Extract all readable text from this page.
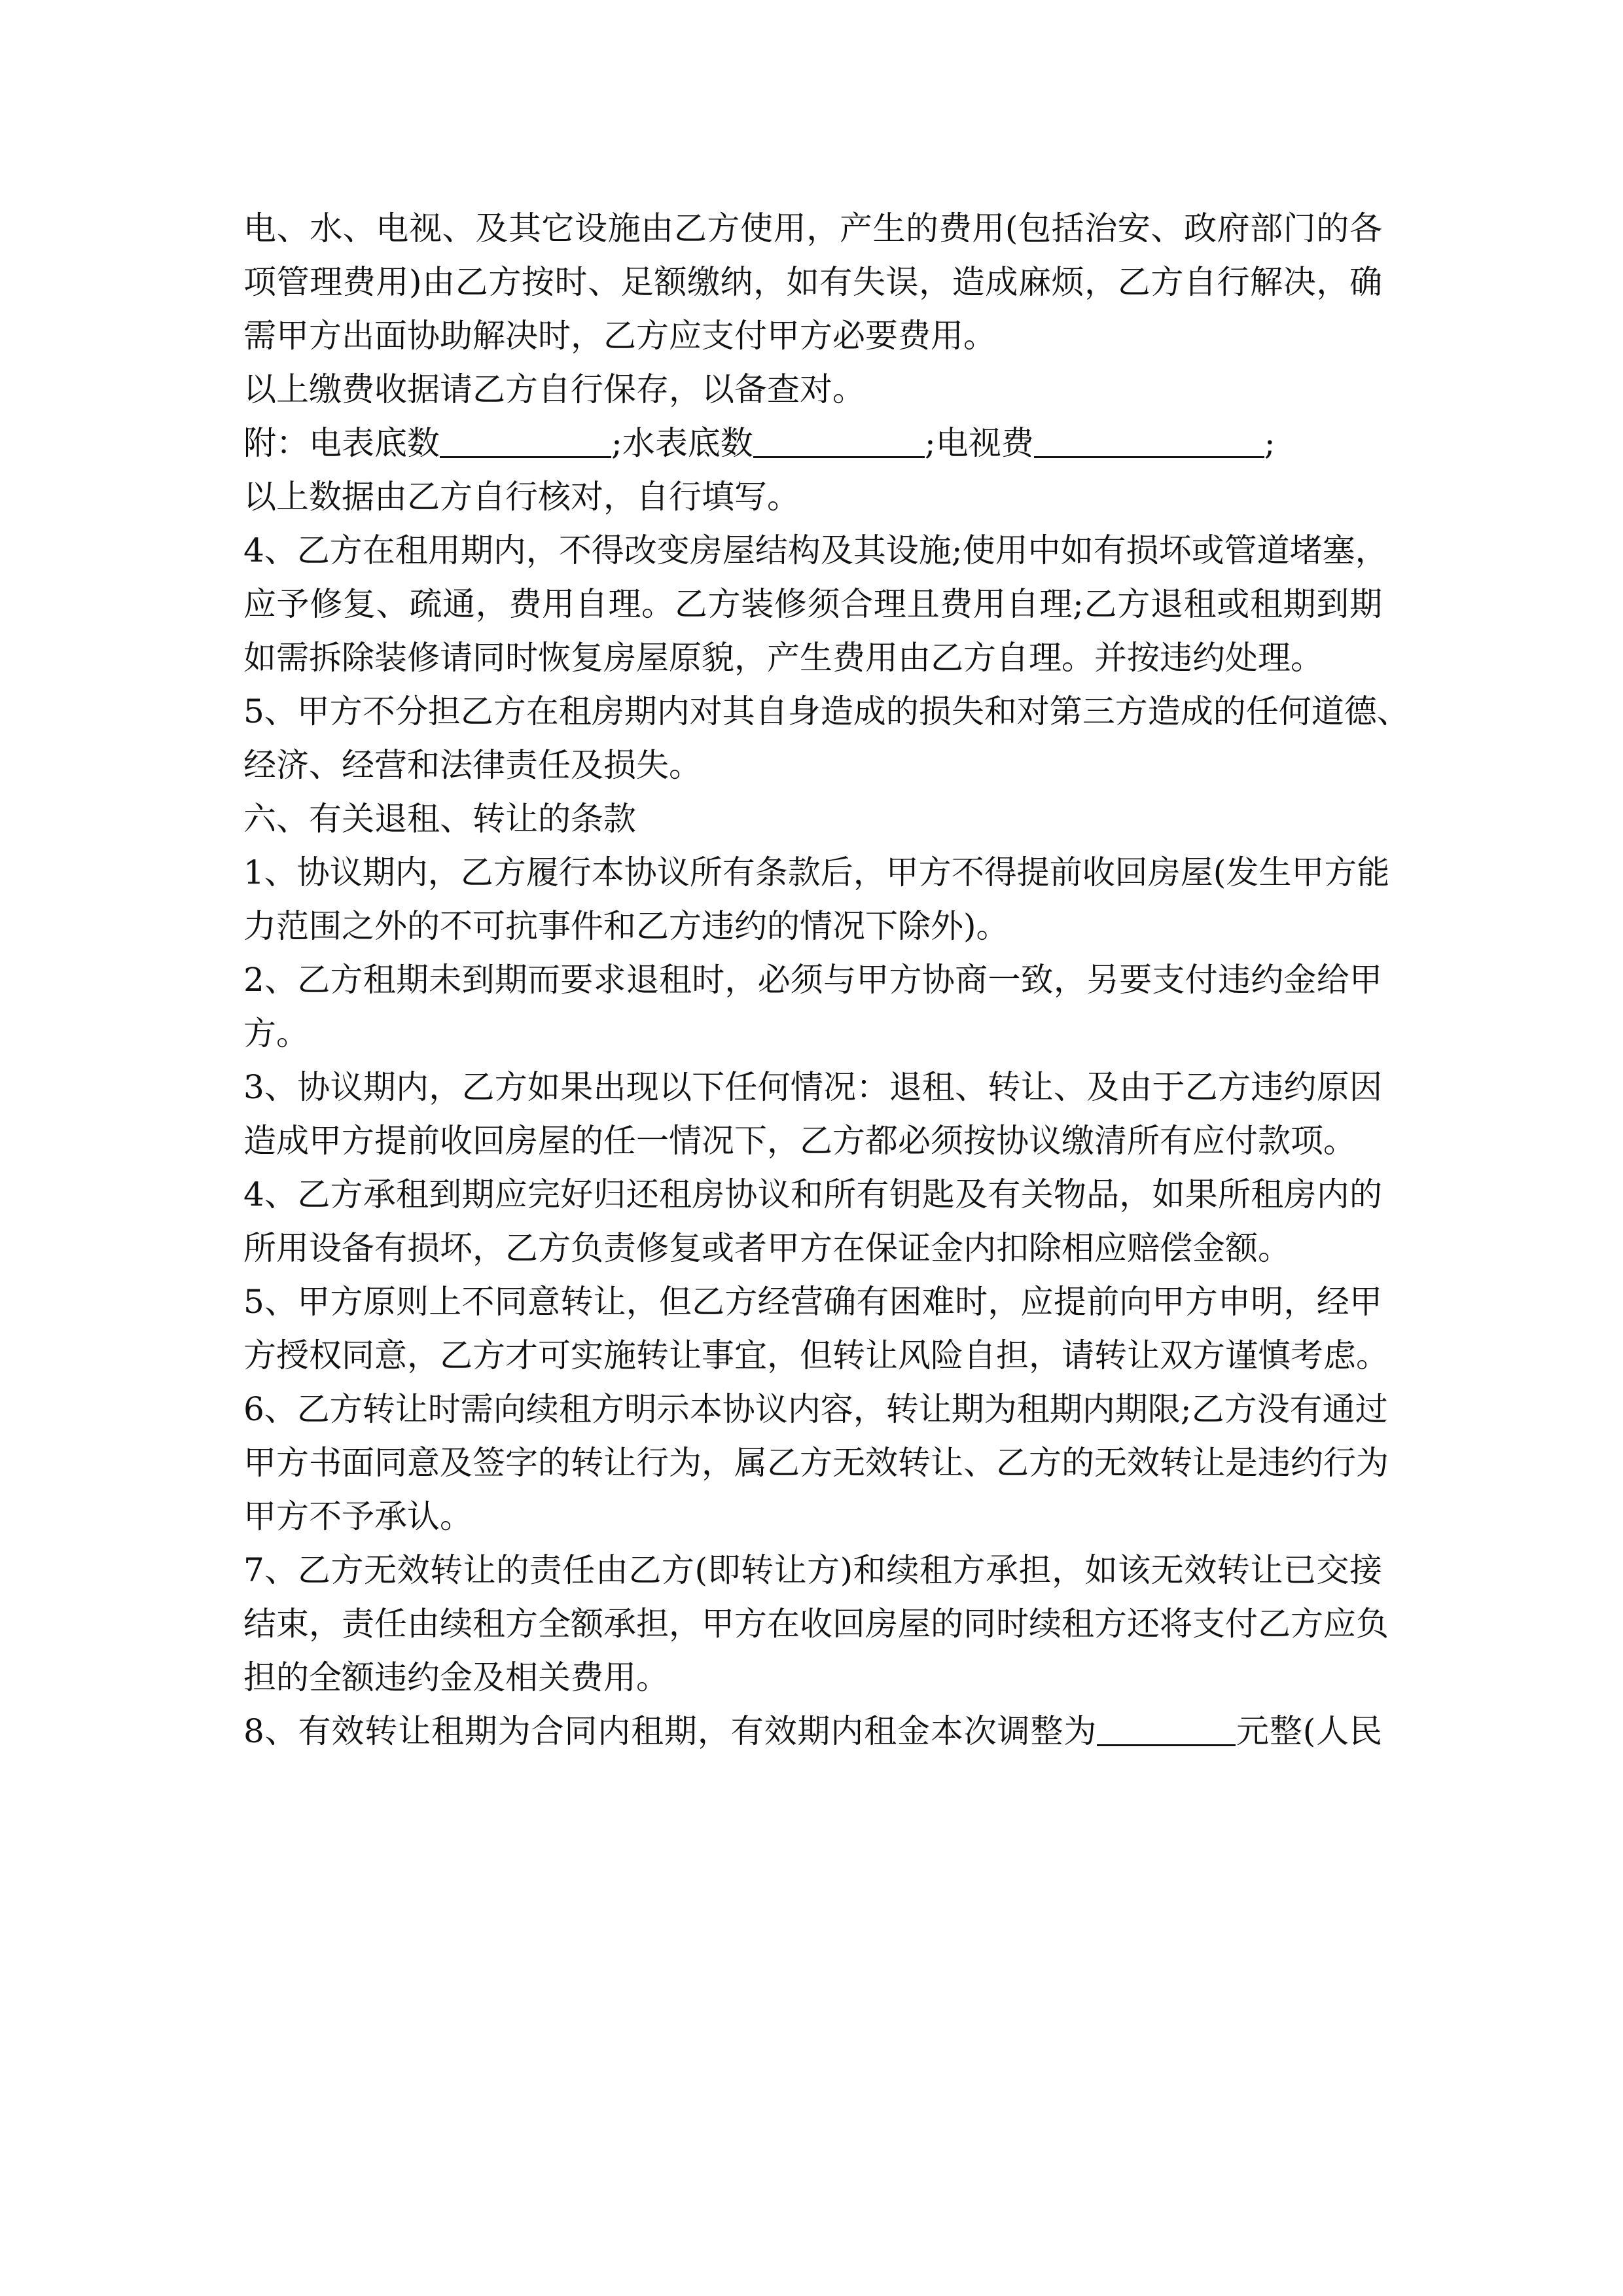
电、水、电视、及其它设施由乙方使用，产生的费用(包括治安、政府部门的各
项管理费用)由乙方按时、足额缴纳，如有失误，造成麻烦，乙方自行解决，确
需甲方出面协助解决时，乙方应支付甲方必要费用。
以上缴费收据请乙方自行保存，以备查对。
附：电表底数	;水表底数	;电视费	;
以上数据由乙方自行核对，自行填写。
4、乙方在租用期内，不得改变房屋结构及其设施;使用中如有损坏或管道堵塞，
应予修复、疏通，费用自理。乙方装修须合理且费用自理;乙方退租或租期到期
如需拆除装修请同时恢复房屋原貌，产生费用由乙方自理。并按违约处理。
5、甲方不分担乙方在租房期内对其自身造成的损失和对第三方造成的任何道德、
经济、经营和法律责任及损失。
六、有关退租、转让的条款
1、协议期内，乙方履行本协议所有条款后，甲方不得提前收回房屋(发生甲方能
力范围之外的不可抗事件和乙方违约的情况下除外)。
2、乙方租期未到期而要求退租时，必须与甲方协商一致，另要支付违约金给甲
方。
3、协议期内，乙方如果出现以下任何情况：退租、转让、及由于乙方违约原因
造成甲方提前收回房屋的任一情况下，乙方都必须按协议缴清所有应付款项。
4、乙方承租到期应完好归还租房协议和所有钥匙及有关物品，如果所租房内的
所用设备有损坏，乙方负责修复或者甲方在保证金内扣除相应赔偿金额。
5、甲方原则上不同意转让，但乙方经营确有困难时，应提前向甲方申明，经甲
方授权同意，乙方才可实施转让事宜，但转让风险自担，请转让双方谨慎考虑。
6、乙方转让时需向续租方明示本协议内容，转让期为租期内期限;乙方没有通过
甲方书面同意及签字的转让行为，属乙方无效转让、乙方的无效转让是违约行为
甲方不予承认。
7、乙方无效转让的责任由乙方(即转让方)和续租方承担，如该无效转让已交接
结束，责任由续租方全额承担，甲方在收回房屋的同时续租方还将支付乙方应负
担的全额违约金及相关费用。
8、有效转让租期为合同内租期，有效期内租金本次调整为	元整(人民
